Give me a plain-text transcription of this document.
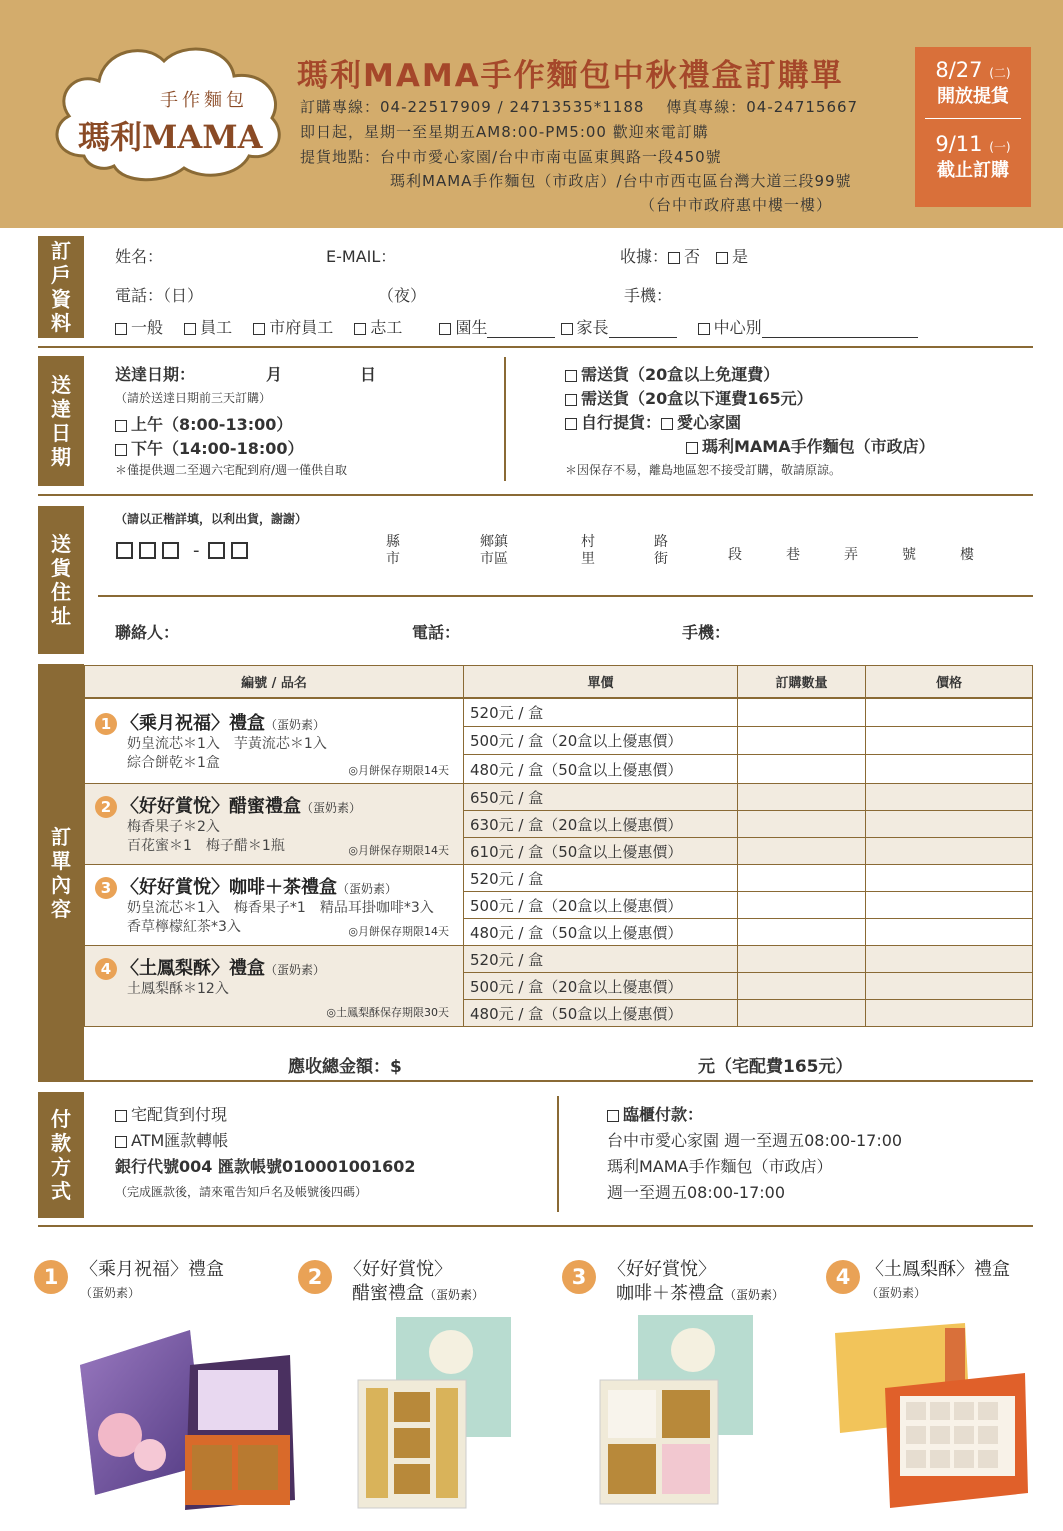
手作麵包
瑪利MAMA
瑪利MAMA手作麵包中秋禮盒訂購單
訂購專線：04-22517909 / 24713535*1188　 傳真專線：04-24715667
即日起，星期一至星期五AM8:00-PM5:00 歡迎來電訂購
提貨地點：台中市愛心家園/台中市南屯區東興路一段450號
瑪利MAMA手作麵包（市政店）/台中市西屯區台灣大道三段99號
（台中市政府惠中樓一樓）
8/27 (二)
開放提貨
9/11 (一)
截止訂購
訂
戶
資
料
姓名：	E-MAIL：	收據： 否　 是
電話：（日）	（夜）	手機：
一般　 員工　 市府員工　 志工　　	園生	家長　	中心別
送
達
日
期
送達日期：	月	日
（請於送達日期前三天訂購）
上午（8:00-13:00）
下午（14:00-18:00）
＊僅提供週二至週六宅配到府/週一僅供自取
需送貨（20盒以上免運費）
需送貨（20盒以下運費165元）
自行提貨： 愛心家園
瑪利MAMA手作麵包（市政店）
＊因保存不易，離島地區恕不接受訂購，敬請原諒。
送
貨
住
址
（請以正楷詳填，以利出貨，謝謝）
-	縣
市
鄉鎮
市區
村
里
路
街	段	巷	弄	號	樓
聯絡人：	電話：	手機：
訂
單
內
容
編號 / 品名	單價	訂購數量	價格

1 〈乘月祝福〉禮盒（蛋奶素）
奶皇流芯＊1入　芋黃流芯＊1入
綜合餅乾＊1盒 ◎月餅保存期限14天	520元 / 盒		
	500元 / 盒（20盒以上優惠價）		
	480元 / 盒（50盒以上優惠價）		

2 〈好好賞悅〉醋蜜禮盒（蛋奶素）
梅香果子＊2入
百花蜜＊1　梅子醋＊1瓶 ◎月餅保存期限14天	650元 / 盒		
	630元 / 盒（20盒以上優惠價）		
	610元 / 盒（50盒以上優惠價）		

3 〈好好賞悅〉咖啡＋茶禮盒（蛋奶素）
奶皇流芯＊1入　梅香果子*1　精品耳掛咖啡*3入
香草檸檬紅茶*3入 ◎月餅保存期限14天	520元 / 盒		
	500元 / 盒（20盒以上優惠價）		
	480元 / 盒（50盒以上優惠價）		

4 〈土鳳梨酥〉禮盒（蛋奶素）
土鳳梨酥＊12入
◎土鳳梨酥保存期限30天	520元 / 盒		
	500元 / 盒（20盒以上優惠價）		
	480元 / 盒（50盒以上優惠價）		
應收總金額：$	元（宅配費165元）
付
款
方
式
宅配貨到付現
ATM匯款轉帳
銀行代號004 匯款帳號010001001602
（完成匯款後，請來電告知戶名及帳號後四碼）
臨櫃付款：
台中市愛心家園 週一至週五08:00-17:00
瑪利MAMA手作麵包（市政店）
週一至週五08:00-17:00
1	〈乘月祝福〉禮盒
（蛋奶素）
2	〈好好賞悅〉
醋蜜禮盒（蛋奶素）
3	〈好好賞悅〉
咖啡＋茶禮盒（蛋奶素）
4 〈土鳳梨酥〉禮盒
（蛋奶素）
